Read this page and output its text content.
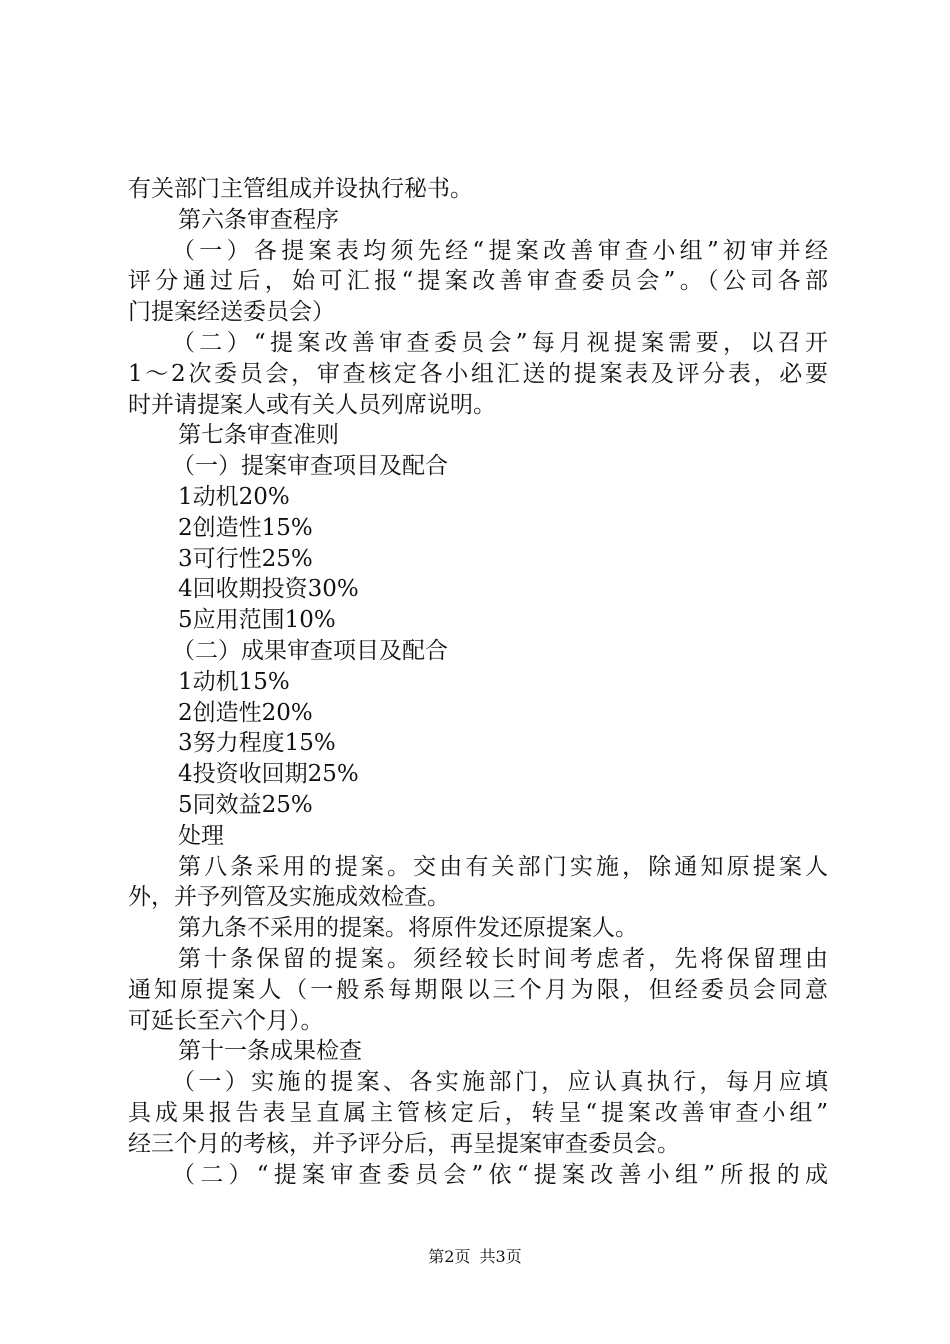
有关部门主管组成并设执行秘书。
第六条审查程序
（一）各提案表均须先经“提案改善审查小组”初审并经
评分通过后，始可汇报“提案改善审查委员会”。（公司各部
门提案经送委员会）
（二）“提案改善审查委员会”每月视提案需要，以召开
1～2次委员会，审查核定各小组汇送的提案表及评分表，必要
时并请提案人或有关人员列席说明。
第七条审查准则
（一）提案审查项目及配合
1动机20%
2创造性15%
3可行性25%
4回收期投资30%
5应用范围10%
（二）成果审查项目及配合
1动机15%
2创造性20%
3努力程度15%
4投资收回期25%
5同效益25%
处理
第八条采用的提案。交由有关部门实施，除通知原提案人
外，并予列管及实施成效检查。
第九条不采用的提案。将原件发还原提案人。
第十条保留的提案。须经较长时间考虑者，先将保留理由
通知原提案人（一般系每期限以三个月为限，但经委员会同意
可延长至六个月）。
第十一条成果检查
（一）实施的提案、各实施部门，应认真执行，每月应填
具成果报告表呈直属主管核定后，转呈“提案改善审查小组”
经三个月的考核，并予评分后，再呈提案审查委员会。
（二）“提案审查委员会”依“提案改善小组”所报的成
第2页 共3页
